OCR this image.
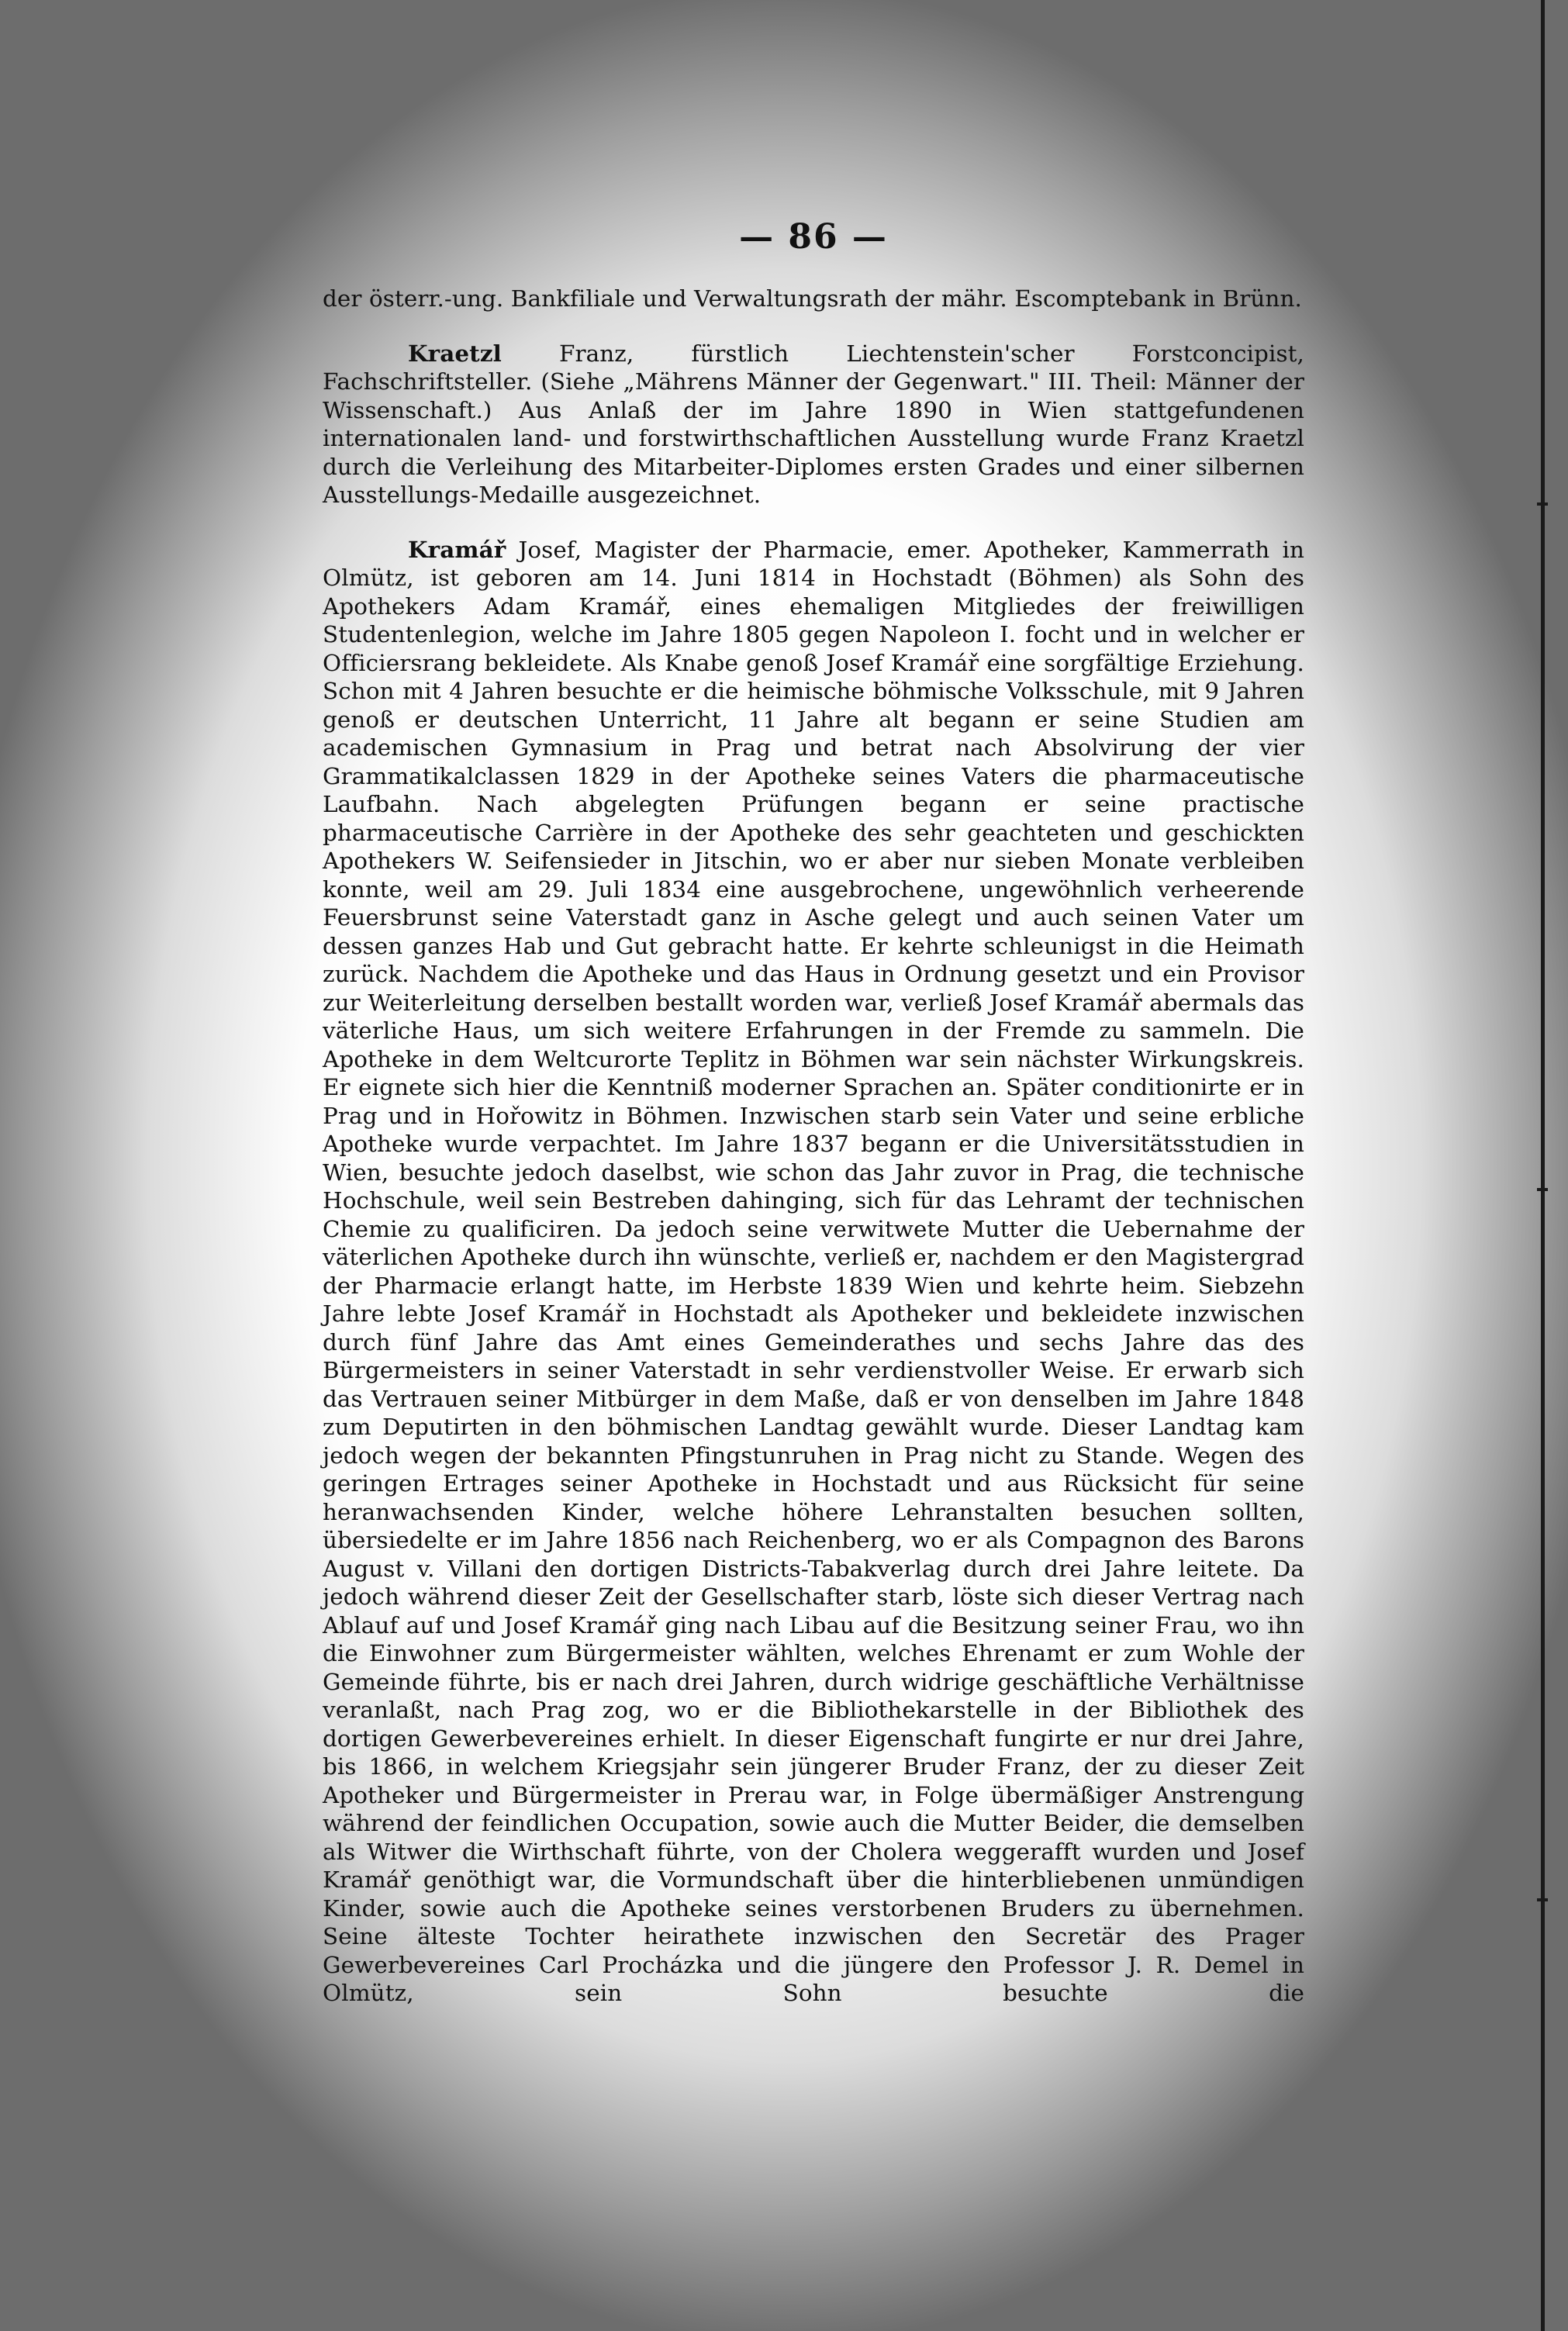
— 86 —

der österr.-ung. Bankfiliale und Verwaltungsrath der mähr. Escomptebank in Brünn.

Kraetzl	Franz, fürstlich Liechtenstein'scher Forstconcipist, Fachschriftsteller. (Siehe „Mährens Männer der Gegenwart." III. Theil: Männer der Wissenschaft.) Aus Anlaß der im Jahre 1890 in Wien stattgefundenen internationalen land- und forstwirthschaftlichen Ausstellung wurde Franz Kraetzl durch die Verleihung des Mitarbeiter-Diplomes ersten Grades und einer silbernen Ausstellungs-Medaille ausgezeichnet.

Kramář Josef, Magister der Pharmacie, emer. Apotheker, Kammerrath in Olmütz, ist geboren am 14. Juni 1814 in Hochstadt (Böhmen) als Sohn des Apothekers Adam Kramář, eines ehemaligen Mitgliedes der freiwilligen Studentenlegion, welche im Jahre 1805 gegen Napoleon I. focht und in welcher er Officiersrang bekleidete. Als Knabe genoß Josef Kramář eine sorgfältige Erziehung. Schon mit 4 Jahren besuchte er die heimische böhmische Volksschule, mit 9 Jahren genoß er deutschen Unterricht, 11 Jahre alt begann er seine Studien am academischen Gymnasium in Prag und betrat nach Absolvirung der vier Grammatikalclassen 1829 in der Apotheke seines Vaters die pharmaceutische Laufbahn. Nach abgelegten Prüfungen begann er seine practische pharmaceutische Carrière in der Apotheke des sehr geachteten und geschickten Apothekers W. Seifensieder in Jitschin, wo er aber nur sieben Monate verbleiben konnte, weil am 29. Juli 1834 eine ausgebrochene, ungewöhnlich verheerende Feuersbrunst seine Vaterstadt ganz in Asche gelegt und auch seinen Vater um dessen ganzes Hab und Gut gebracht hatte. Er kehrte schleunigst in die Heimath zurück. Nachdem die Apotheke und das Haus in Ordnung gesetzt und ein Provisor zur Weiterleitung derselben bestallt worden war, verließ Josef Kramář abermals das väterliche Haus, um sich weitere Erfahrungen in der Fremde zu sammeln. Die Apotheke in dem Weltcurorte Teplitz in Böhmen war sein nächster Wirkungskreis. Er eignete sich hier die Kenntniß moderner Sprachen an. Später conditionirte er in Prag und in Hořowitz in Böhmen. Inzwischen starb sein Vater und seine erbliche Apotheke wurde verpachtet. Im Jahre 1837 begann er die Universitätsstudien in Wien, besuchte jedoch daselbst, wie schon das Jahr zuvor in Prag, die technische Hochschule, weil sein Bestreben dahinging, sich für das Lehramt der technischen Chemie zu qualificiren. Da jedoch seine verwitwete Mutter die Uebernahme der väterlichen Apotheke durch ihn wünschte, verließ er, nachdem er den Magistergrad der Pharmacie erlangt hatte, im Herbste 1839 Wien und kehrte heim. Siebzehn Jahre lebte Josef Kramář in Hochstadt als Apotheker und bekleidete inzwischen durch fünf Jahre das Amt eines Gemeinderathes und sechs Jahre das des Bürgermeisters in seiner Vaterstadt in sehr verdienstvoller Weise. Er erwarb sich das Vertrauen seiner Mitbürger in dem Maße, daß er von denselben im Jahre 1848 zum Deputirten in den böhmischen Landtag gewählt wurde. Dieser Landtag kam jedoch wegen der bekannten Pfingstunruhen in Prag nicht zu Stande. Wegen des geringen Ertrages seiner Apotheke in Hochstadt und aus Rücksicht für seine heranwachsenden Kinder, welche höhere Lehranstalten besuchen sollten, übersiedelte er im Jahre 1856 nach Reichenberg, wo er als Compagnon des Barons August v. Villani den dortigen Districts-Tabakverlag durch drei Jahre leitete. Da jedoch während dieser Zeit der Gesellschafter starb, löste sich dieser Vertrag nach Ablauf auf und Josef Kramář ging nach Libau auf die Besitzung seiner Frau, wo ihn die Einwohner zum Bürgermeister wählten, welches Ehrenamt er zum Wohle der Gemeinde führte, bis er nach drei Jahren, durch widrige geschäftliche Verhältnisse veranlaßt, nach Prag zog, wo er die Bibliothekarstelle in der Bibliothek des dortigen Gewerbevereines erhielt. In dieser Eigenschaft fungirte er nur drei Jahre, bis 1866, in welchem Kriegsjahr sein jüngerer Bruder Franz, der zu dieser Zeit Apotheker und Bürgermeister in Prerau war, in Folge übermäßiger Anstrengung während der feindlichen Occupation, sowie auch die Mutter Beider, die demselben als Witwer die Wirthschaft führte, von der Cholera weggerafft wurden und Josef Kramář genöthigt war, die Vormundschaft über die hinterbliebenen unmündigen Kinder, sowie auch die Apotheke seines verstorbenen Bruders zu übernehmen. Seine älteste Tochter heirathete inzwischen den Secretär des Prager Gewerbevereines Carl Procházka und die jüngere den Professor J. R. Demel in Olmütz, sein Sohn besuchte die
